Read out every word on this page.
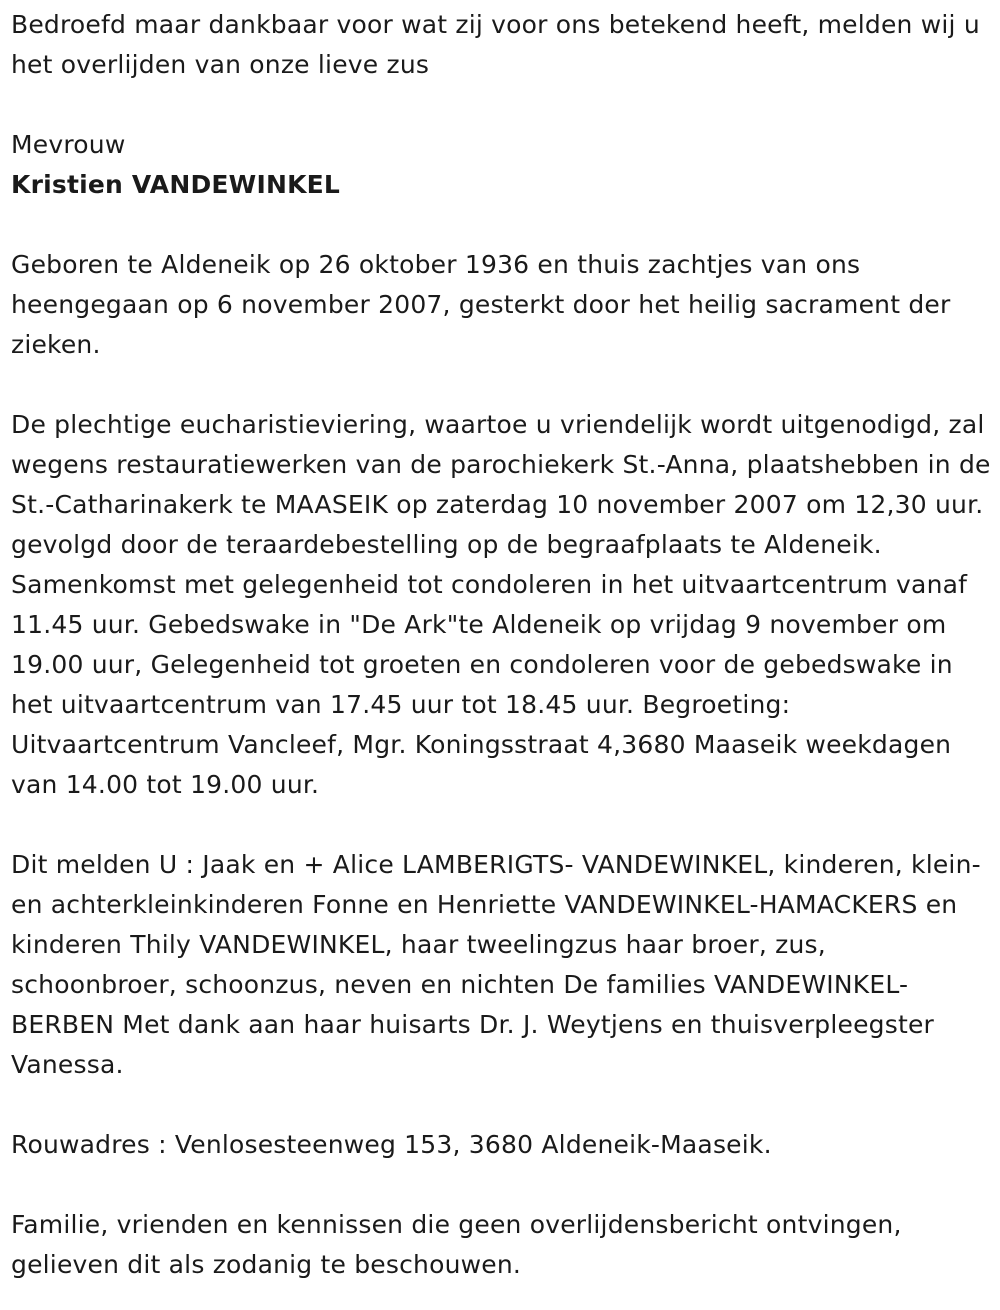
Bedroefd maar dankbaar voor wat zij voor ons betekend heeft, melden wij u het overlijden van onze lieve zus

Mevrouw

Kristien VANDEWINKEL

Geboren te Aldeneik op 26 oktober 1936 en thuis zachtjes van ons heengegaan op 6 november 2007, gesterkt door het heilig sacrament der zieken.

De plechtige eucharistieviering, waartoe u vriendelijk wordt uitgenodigd, zal wegens restauratiewerken van de parochiekerk St.-Anna, plaatshebben in de St.-Catharinakerk te MAASEIK op zaterdag 10 november 2007 om 12,30 uur. gevolgd door de teraardebestelling op de begraafplaats te Aldeneik. Samenkomst met gelegenheid tot condoleren in het uitvaartcentrum vanaf 11.45 uur. Gebedswake in "De Ark"te Aldeneik op vrijdag 9 november om 19.00 uur, Gelegenheid tot groeten en condoleren voor de gebedswake in het uitvaartcentrum van 17.45 uur tot 18.45 uur. Begroeting: Uitvaartcentrum Vancleef, Mgr. Koningsstraat 4,3680 Maaseik weekdagen van 14.00 tot 19.00 uur.

Dit melden U : Jaak en + Alice LAMBERIGTS- VANDEWINKEL, kinderen, klein- en achterkleinkinderen Fonne en Henriette VANDEWINKEL-HAMACKERS en kinderen Thily VANDEWINKEL, haar tweelingzus haar broer, zus, schoonbroer, schoonzus, neven en nichten De families VANDEWINKEL-BERBEN Met dank aan haar huisarts Dr. J. Weytjens en thuisverpleegster Vanessa.

Rouwadres : Venlosesteenweg 153, 3680 Aldeneik-Maaseik.

Familie, vrienden en kennissen die geen overlijdensbericht ontvingen, gelieven dit als zodanig te beschouwen.
